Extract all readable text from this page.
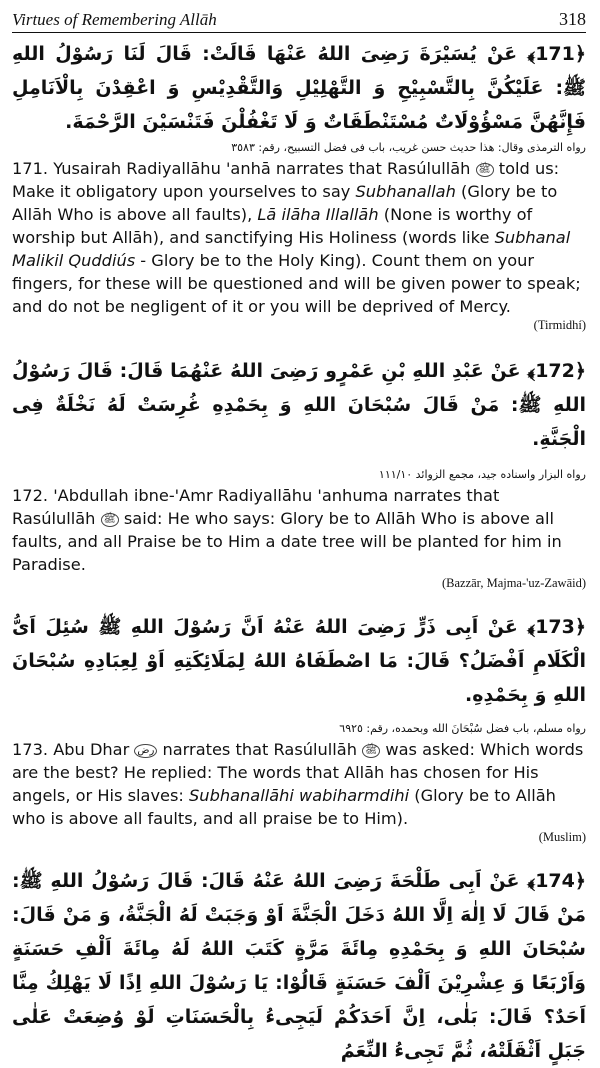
Virtues of Remembering Allāh	318

﴿171﴾ عَنْ يُسَيْرَةَ رَضِىَ اللهُ عَنْهَا قَالَتْ: قَالَ لَنَا رَسُوْلُ اللهِ ﷺ: عَلَيْكُنَّ بِالتَّسْبِيْحِ وَ التَّهْلِيْلِ وَالتَّقْدِيْسِ وَ اعْقِدْنَ بِالْاَنَامِلِ فَإِنَّهُنَّ مَسْؤُوْلَاتٌ مُسْتَنْطَقَاتٌ وَ لَا تَغْفُلْنَ فَتَنْسَيْنَ الرَّحْمَةَ.

رواه الترمذى وقال: هذا حديث حسن غريب، باب فى فضل التسبيح، رقم: ٣٥٨٣

171. Yusairah Radiyallāhu 'anhā narrates that Rasúlullāh ﷺ told us: Make it obligatory upon yourselves to say Subhanallah (Glory be to Allāh Who is above all faults), Lā ilāha Illallāh (None is worthy of worship but Allāh), and sanctifying His Holiness (words like Subhanal Malikil Quddiús - Glory be to the Holy King). Count them on your fingers, for these will be questioned and will be given power to speak; and do not be negligent of it or you will be deprived of Mercy.

(Tirmidhí)

﴿172﴾ عَنْ عَبْدِ اللهِ بْنِ عَمْرٍو رَضِىَ اللهُ عَنْهُمَا قَالَ: قَالَ رَسُوْلُ اللهِ ﷺ: مَنْ قَالَ سُبْحَانَ اللهِ وَ بِحَمْدِهِ غُرِسَتْ لَهُ نَخْلَةٌ فِى الْجَنَّةِ.

رواه البزار واسناده جيد، مجمع الزوائد ١١١/١٠

172. 'Abdullah ibne-'Amr Radiyallāhu 'anhuma narrates that Rasúlullāh ﷺ said: He who says: Glory be to Allāh Who is above all faults, and all Praise be to Him a date tree will be planted for him in Paradise.

(Bazzār, Majma-'uz-Zawāid)

﴿173﴾ عَنْ اَبِى ذَرٍّ رَضِىَ اللهُ عَنْهُ اَنَّ رَسُوْلَ اللهِ ﷺ سُئِلَ اَىُّ الْكَلَامِ اَفْضَلُ؟ قَالَ: مَا اصْطَفَاهُ اللهُ لِمَلَائِكَتِهِ اَوْ لِعِبَادِهِ سُبْحَانَ اللهِ وَ بِحَمْدِهِ.

رواه مسلم، باب فضل سُبْحَانَ الله وبحمده، رقم: ٦٩٢٥

173. Abu Dhar رض narrates that Rasúlullāh ﷺ was asked: Which words are the best? He replied: The words that Allāh has chosen for His angels, or His slaves: Subhanallāhi wabiharmdihi (Glory be to Allāh who is above all faults, and all praise be to Him).

(Muslim)

﴿174﴾ عَنْ اَبِى طَلْحَةَ رَضِىَ اللهُ عَنْهُ قَالَ: قَالَ رَسُوْلُ اللهِ ﷺ: مَنْ قَالَ لَا اِلٰهَ اِلَّا اللهُ دَخَلَ الْجَنَّةَ اَوْ وَجَبَتْ لَهُ الْجَنَّةُ، وَ مَنْ قَالَ: سُبْحَانَ اللهِ وَ بِحَمْدِهِ مِائَةَ مَرَّةٍ كَتَبَ اللهُ لَهُ مِائَةَ اَلْفِ حَسَنَةٍ وَاَرْبَعًا وَ عِشْرِيْنَ اَلْفَ حَسَنَةٍ قَالُوْا: يَا رَسُوْلَ اللهِ اِذًا لَا يَهْلِكُ مِنَّا اَحَدٌ؟ قَالَ: بَلٰى، اِنَّ اَحَدَكُمْ لَيَجِىءُ بِالْحَسَنَاتِ لَوْ وُضِعَتْ عَلٰى جَبَلٍ اَثْقَلَتْهُ، ثُمَّ تَجِىءُ النِّعَمُ
